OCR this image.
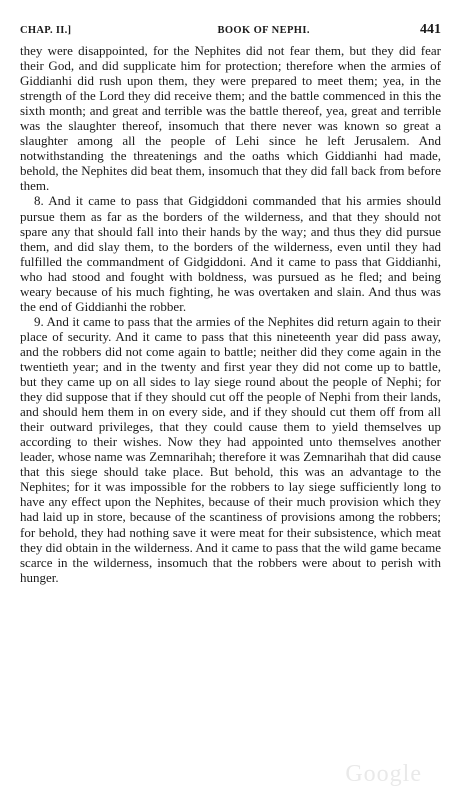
CHAP. II.]	BOOK OF NEPHI.	441

they were disappointed, for the Nephites did not fear them, but they did fear their God, and did supplicate him for protection; therefore when the armies of Giddianhi did rush upon them, they were prepared to meet them; yea, in the strength of the Lord they did receive them; and the battle commenced in this the sixth month; and great and terrible was the battle thereof, yea, great and terrible was the slaughter thereof, insomuch that there never was known so great a slaughter among all the people of Lehi since he left Jerusalem. And notwithstanding the threatenings and the oaths which Giddianhi had made, behold, the Nephites did beat them, insomuch that they did fall back from before them.

8. And it came to pass that Gidgiddoni commanded that his armies should pursue them as far as the borders of the wilderness, and that they should not spare any that should fall into their hands by the way; and thus they did pursue them, and did slay them, to the borders of the wilderness, even until they had fulfilled the commandment of Gidgiddoni. And it came to pass that Giddianhi, who had stood and fought with boldness, was pursued as he fled; and being weary because of his much fighting, he was overtaken and slain. And thus was the end of Giddianhi the robber.

9. And it came to pass that the armies of the Nephites did return again to their place of security. And it came to pass that this nineteenth year did pass away, and the robbers did not come again to battle; neither did they come again in the twentieth year; and in the twenty and first year they did not come up to battle, but they came up on all sides to lay siege round about the people of Nephi; for they did suppose that if they should cut off the people of Nephi from their lands, and should hem them in on every side, and if they should cut them off from all their outward privileges, that they could cause them to yield themselves up according to their wishes. Now they had appointed unto themselves another leader, whose name was Zemnarihah; therefore it was Zemnarihah that did cause that this siege should take place. But behold, this was an advantage to the Nephites; for it was impossible for the robbers to lay siege sufficiently long to have any effect upon the Nephites, because of their much provision which they had laid up in store, because of the scantiness of provisions among the robbers; for behold, they had nothing save it were meat for their subsistence, which meat they did obtain in the wilderness. And it came to pass that the wild game became scarce in the wilderness, insomuch that the robbers were about to perish with hunger.

Google
